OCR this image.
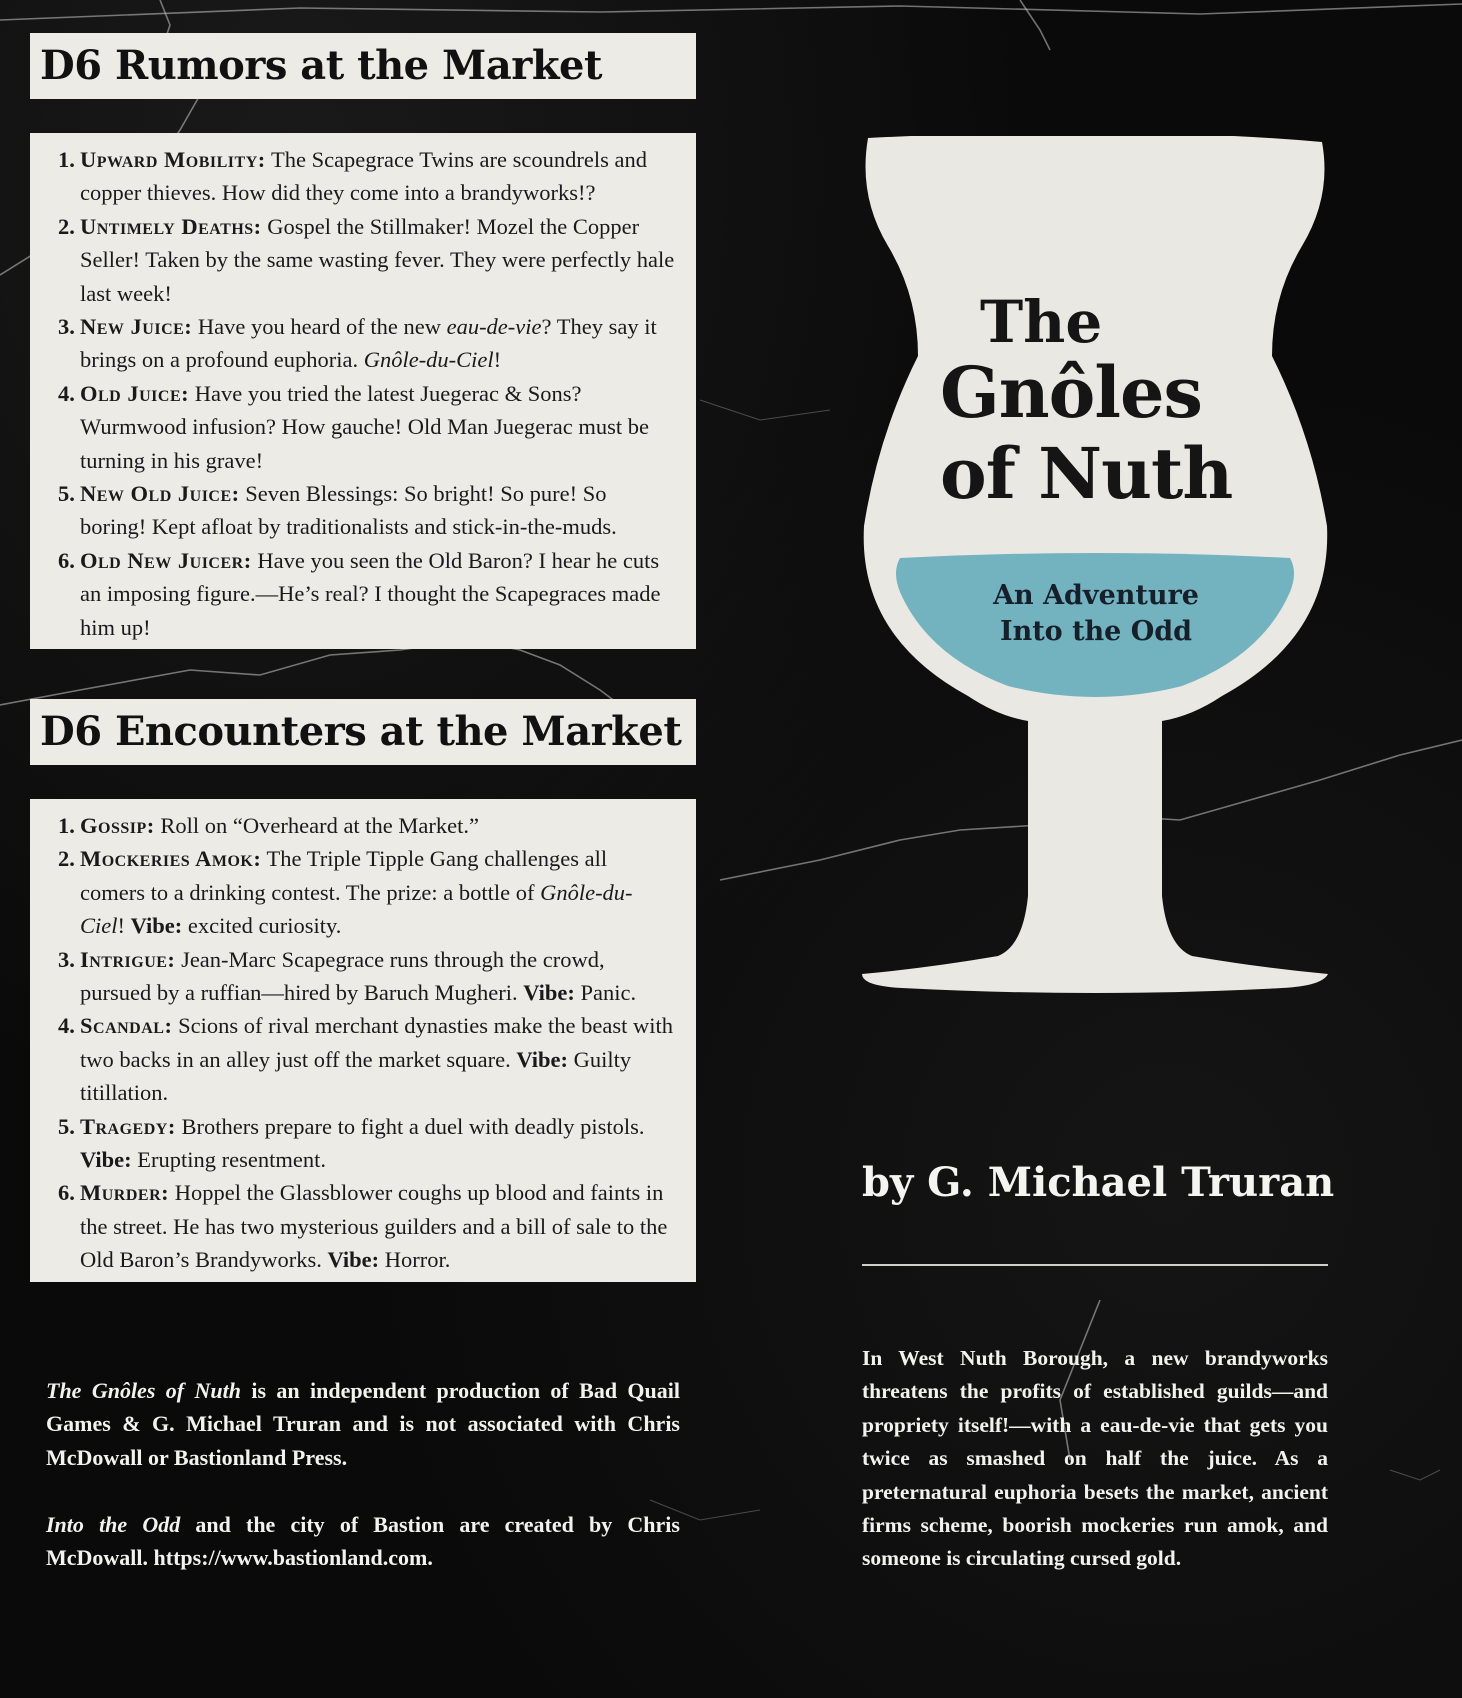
D6 Rumors at the Market
1. Upward Mobility: The Scapegrace Twins are scoundrels and copper thieves. How did they come into a brandyworks!?
2. Untimely Deaths: Gospel the Stillmaker! Mozel the Copper Seller! Taken by the same wasting fever. They were perfectly hale last week!
3. New Juice: Have you heard of the new eau-de-vie? They say it brings on a profound euphoria. Gnôle-du-Ciel!
4. Old Juice: Have you tried the latest Juegerac & Sons? Wurmwood infusion? How gauche! Old Man Juegerac must be turning in his grave!
5. New Old Juice: Seven Blessings: So bright! So pure! So boring! Kept afloat by traditionalists and stick-in-the-muds.
6. Old New Juicer: Have you seen the Old Baron? I hear he cuts an imposing figure.—He’s real? I thought the Scapegraces made him up!
D6 Encounters at the Market
1. Gossip: Roll on “Overheard at the Market.”
2. Mockeries Amok: The Triple Tipple Gang challenges all comers to a drinking contest. The prize: a bottle of Gnôle-du-Ciel! Vibe: excited curiosity.
3. Intrigue: Jean-Marc Scapegrace runs through the crowd, pursued by a ruffian—hired by Baruch Mugheri. Vibe: Panic.
4. Scandal: Scions of rival merchant dynasties make the beast with two backs in an alley just off the market square. Vibe: Guilty titillation.
5. Tragedy: Brothers prepare to fight a duel with deadly pistols. Vibe: Erupting resentment.
6. Murder: Hoppel the Glassblower coughs up blood and faints in the street. He has two mysterious guilders and a bill of sale to the Old Baron’s Brandyworks. Vibe: Horror.

The Gnôles of Nuth is an independent production of Bad Quail Games & G. Michael Truran and is not associated with Chris McDowall or Bastionland Press.

Into the Odd and the city of Bastion are created by Chris McDowall. https://www.bastionland.com.

The
Gnôles
of Nuth

An Adventure
Into the Odd

by G. Michael Truran

In West Nuth Borough, a new brandyworks threatens the profits of established guilds—and propriety itself!—with a eau-de-vie that gets you twice as smashed on half the juice. As a preternatural euphoria besets the market, ancient firms scheme, boorish mockeries run amok, and someone is circulating cursed gold.
